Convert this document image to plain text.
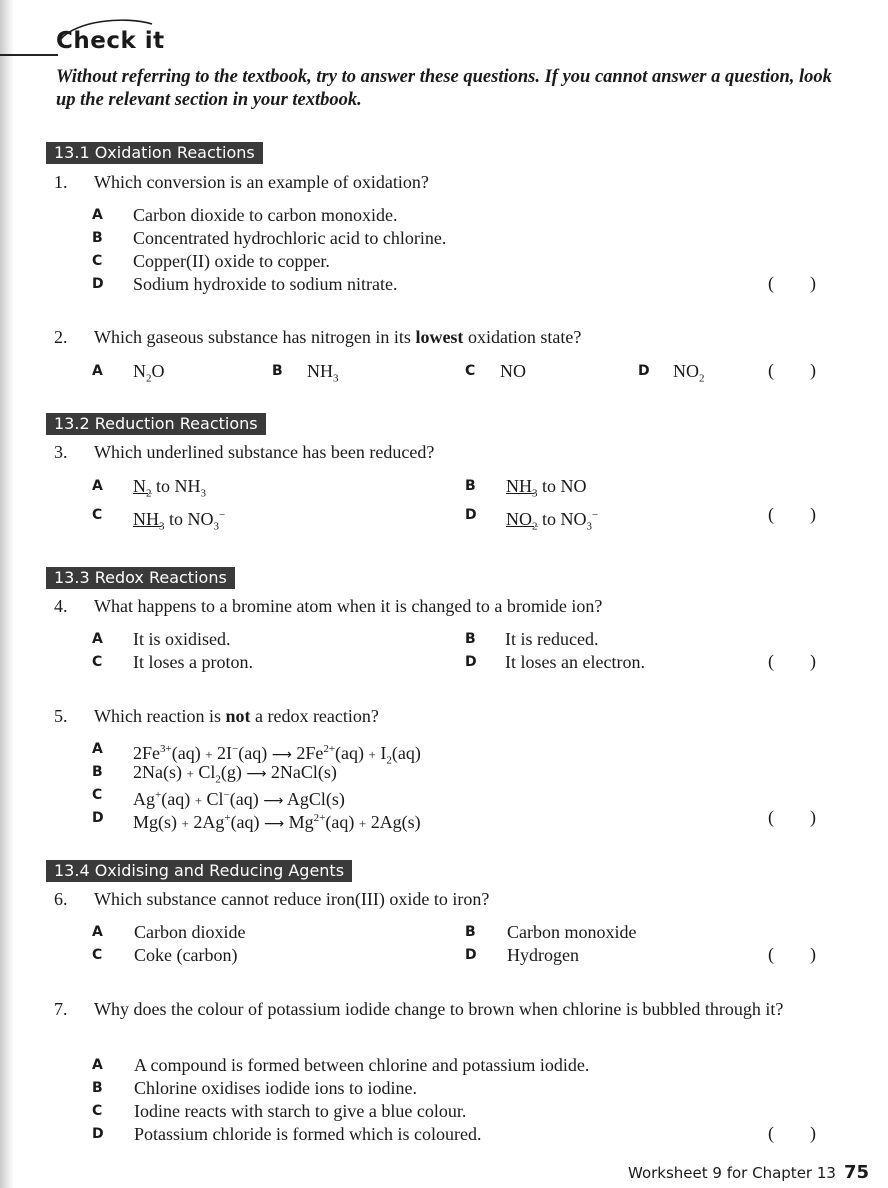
Check it
Without referring to the textbook, try to answer these questions. If you cannot answer a question, look up the relevant section in your textbook.
13.1 Oxidation Reactions
1. Which conversion is an example of oxidation?
A Carbon dioxide to carbon monoxide.
B Concentrated hydrochloric acid to chlorine.
C	Copper(II) oxide to copper.
D Sodium hydroxide to sodium nitrate.	(        )
2. Which gaseous substance has nitrogen in its lowest oxidation state?
A $N_2O$	B $NH_3$	C	NO	D $NO_2$	(        )
13.2 Reduction Reactions
3. Which underlined substance has been reduced?
A $N_2$ to $NH_3$	B $NH_3$ to NO
C	$NH_3$ to $NO_3^-$	D $NO_2$ to $NO_3^-$	(        )
13.3 Redox Reactions
4. What happens to a bromine atom when it is changed to a bromide ion?
A It is oxidised.	B It is reduced.
C	It loses a proton.	D It loses an electron.	(        )
5. Which reaction is not a redox reaction?
A $2Fe^{3+}(aq) + 2I^-(aq)$ ⟶ $2Fe^{2+}(aq) + I_2(aq)$
B $2Na(s) + Cl_2(g)$ ⟶ 2NaCl(s)
C	Ag+(aq) + Cl−(aq) ⟶ AgCl(s)
D Mg(s) + 2Ag+(aq) ⟶ $Mg^{2+}(aq) + 2Ag(s)$	(        )
13.4 Oxidising and Reducing Agents
6. Which substance cannot reduce iron(III) oxide to iron?
A Carbon dioxide	B Carbon monoxide
C	Coke (carbon)	D Hydrogen	(        )
7. Why does the colour of potassium iodide change to brown when chlorine is bubbled through it?
A A compound is formed between chlorine and potassium iodide.
B Chlorine oxidises iodide ions to iodine.
C	Iodine reacts with starch to give a blue colour.
D Potassium chloride is formed which is coloured.	(        )
Worksheet 9 for Chapter 13 75
